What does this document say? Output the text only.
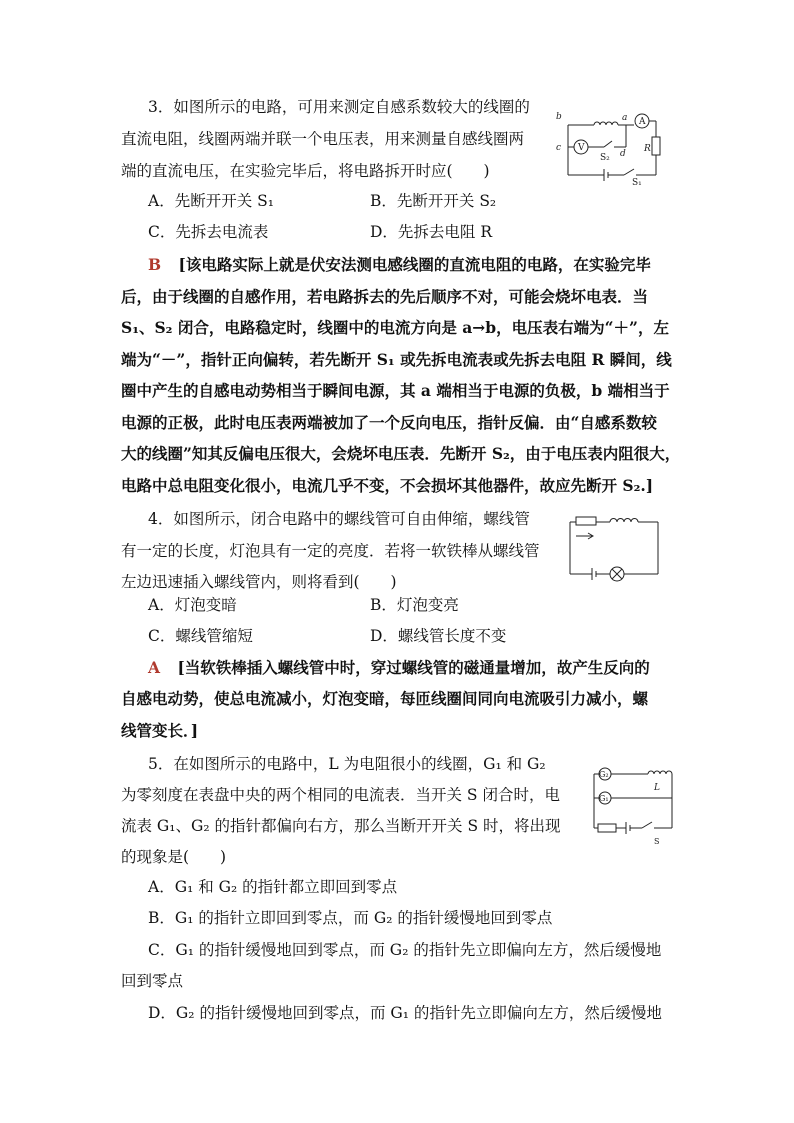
3．如图所示的电路，可用来测定自感系数较大的线圈的
直流电阻，线圈两端并联一个电压表，用来测量自感线圈两
端的直流电压，在实验完毕后，将电路拆开时应(　　)
b	a
c
d R
V
A
S₂
S₁
A．先断开开关 S₁	B．先断开开关 S₂
C．先拆去电流表	D．先拆去电阻 R
B [该电路实际上就是伏安法测电感线圈的直流电阻的电路，在实验完毕
后，由于线圈的自感作用，若电路拆去的先后顺序不对，可能会烧坏电表．当
S₁、S₂ 闭合，电路稳定时，线圈中的电流方向是 a→b，电压表右端为“＋”，左
端为“－”，指针正向偏转，若先断开 S₁ 或先拆电流表或先拆去电阻 R 瞬间，线
圈中产生的自感电动势相当于瞬间电源，其 a 端相当于电源的负极，b 端相当于
电源的正极，此时电压表两端被加了一个反向电压，指针反偏．由“自感系数较
大的线圈”知其反偏电压很大，会烧坏电压表．先断开 S₂，由于电压表内阻很大，
电路中总电阻变化很小，电流几乎不变，不会损坏其他器件，故应先断开 S₂.]
4．如图所示，闭合电路中的螺线管可自由伸缩，螺线管
有一定的长度，灯泡具有一定的亮度．若将一软铁棒从螺线管
左边迅速插入螺线管内，则将看到(　　)
A．灯泡变暗	B．灯泡变亮
C．螺线管缩短	D．螺线管长度不变
A [当软铁棒插入螺线管中时，穿过螺线管的磁通量增加，故产生反向的
自感电动势，使总电流减小，灯泡变暗，每匝线圈间同向电流吸引力减小，螺
线管变长．]
5．在如图所示的电路中，L 为电阻很小的线圈，G₁ 和 G₂
为零刻度在表盘中央的两个相同的电流表．当开关 S 闭合时，电
流表 G₁、G₂ 的指针都偏向右方，那么当断开开关 S 时，将出现
的现象是(　　)
G₂
G₁
S
L
A．G₁ 和 G₂ 的指针都立即回到零点
B．G₁ 的指针立即回到零点，而 G₂ 的指针缓慢地回到零点
C．G₁ 的指针缓慢地回到零点，而 G₂ 的指针先立即偏向左方，然后缓慢地
回到零点
D．G₂ 的指针缓慢地回到零点，而 G₁ 的指针先立即偏向左方，然后缓慢地
